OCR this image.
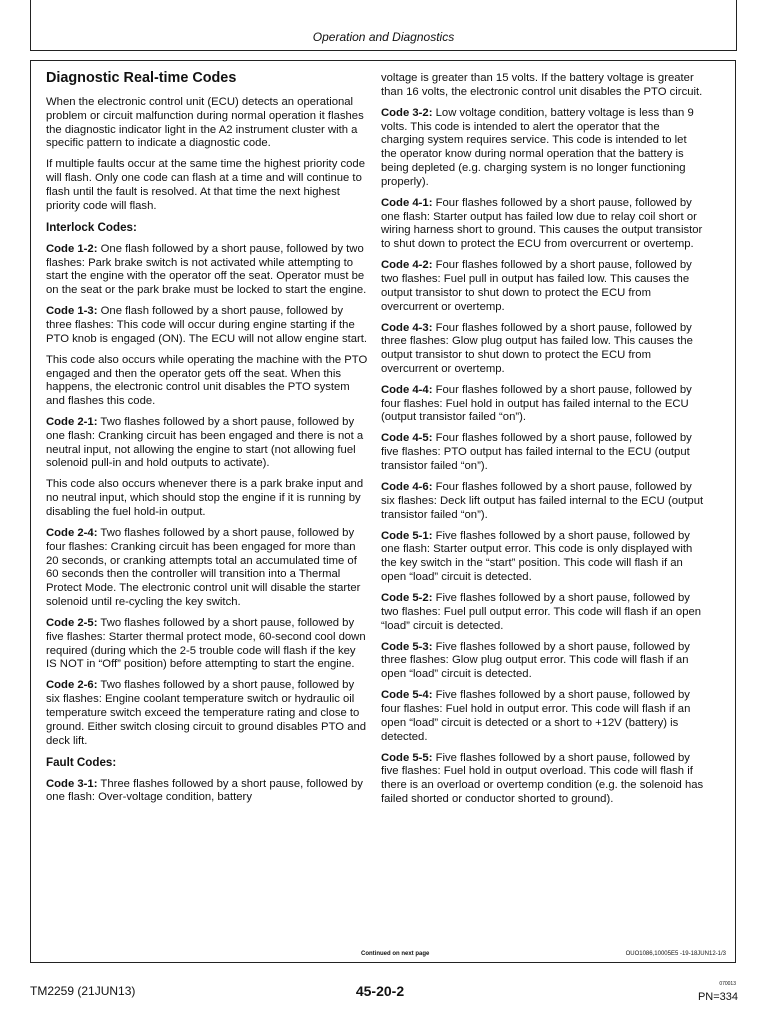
Operation and Diagnostics
Diagnostic Real-time Codes

When the electronic control unit (ECU) detects an operational problem or circuit malfunction during normal operation it flashes the diagnostic indicator light in the A2 instrument cluster with a specific pattern to indicate a diagnostic code.

If multiple faults occur at the same time the highest priority code will flash. Only one code can flash at a time and will continue to flash until the fault is resolved. At that time the next highest priority code will flash.

Interlock Codes:

Code 1-2: One flash followed by a short pause, followed by two flashes: Park brake switch is not activated while attempting to start the engine with the operator off the seat. Operator must be on the seat or the park brake must be locked to start the engine.

Code 1-3: One flash followed by a short pause, followed by three flashes: This code will occur during engine starting if the PTO knob is engaged (ON). The ECU will not allow engine start.

This code also occurs while operating the machine with the PTO engaged and then the operator gets off the seat. When this happens, the electronic control unit disables the PTO system and flashes this code.

Code 2-1: Two flashes followed by a short pause, followed by one flash: Cranking circuit has been engaged and there is not a neutral input, not allowing the engine to start (not allowing fuel solenoid pull-in and hold outputs to activate).

This code also occurs whenever there is a park brake input and no neutral input, which should stop the engine if it is running by disabling the fuel hold-in output.

Code 2-4: Two flashes followed by a short pause, followed by four flashes: Cranking circuit has been engaged for more than 20 seconds, or cranking attempts total an accumulated time of 60 seconds then the controller will transition into a Thermal Protect Mode. The electronic control unit will disable the starter solenoid until re-cycling the key switch.

Code 2-5: Two flashes followed by a short pause, followed by five flashes: Starter thermal protect mode, 60-second cool down required (during which the 2-5 trouble code will flash if the key IS NOT in “Off” position) before attempting to start the engine.

Code 2-6: Two flashes followed by a short pause, followed by six flashes: Engine coolant temperature switch or hydraulic oil temperature switch exceed the temperature rating and close to ground. Either switch closing circuit to ground disables PTO and deck lift.

Fault Codes:

Code 3-1: Three flashes followed by a short pause, followed by one flash: Over-voltage condition, battery

voltage is greater than 15 volts. If the battery voltage is greater than 16 volts, the electronic control unit disables the PTO circuit.

Code 3-2: Low voltage condition, battery voltage is less than 9 volts. This code is intended to alert the operator that the charging system requires service. This code is intended to let the operator know during normal operation that the battery is being depleted (e.g. charging system is no longer functioning properly).

Code 4-1: Four flashes followed by a short pause, followed by one flash: Starter output has failed low due to relay coil short or wiring harness short to ground. This causes the output transistor to shut down to protect the ECU from overcurrent or overtemp.

Code 4-2: Four flashes followed by a short pause, followed by two flashes: Fuel pull in output has failed low. This causes the output transistor to shut down to protect the ECU from overcurrent or overtemp.

Code 4-3: Four flashes followed by a short pause, followed by three flashes: Glow plug output has failed low. This causes the output transistor to shut down to protect the ECU from overcurrent or overtemp.

Code 4-4: Four flashes followed by a short pause, followed by four flashes: Fuel hold in output has failed internal to the ECU (output transistor failed “on”).

Code 4-5: Four flashes followed by a short pause, followed by five flashes: PTO output has failed internal to the ECU (output transistor failed “on”).

Code 4-6: Four flashes followed by a short pause, followed by six flashes: Deck lift output has failed internal to the ECU (output transistor failed “on”).

Code 5-1: Five flashes followed by a short pause, followed by one flash: Starter output error. This code is only displayed with the key switch in the “start” position. This code will flash if an open “load” circuit is detected.

Code 5-2: Five flashes followed by a short pause, followed by two flashes: Fuel pull output error. This code will flash if an open “load” circuit is detected.

Code 5-3: Five flashes followed by a short pause, followed by three flashes: Glow plug output error. This code will flash if an open “load” circuit is detected.

Code 5-4: Five flashes followed by a short pause, followed by four flashes: Fuel hold in output error. This code will flash if an open “load” circuit is detected or a short to +12V (battery) is detected.

Code 5-5: Five flashes followed by a short pause, followed by five flashes: Fuel hold in output overload. This code will flash if there is an overload or overtemp condition (e.g. the solenoid has failed shorted or conductor shorted to ground).

Continued on next page	OUO1086,10005E5 -19-18JUN12-1/3
TM2259 (21JUN13)	45-20-2	070013
PN=334
